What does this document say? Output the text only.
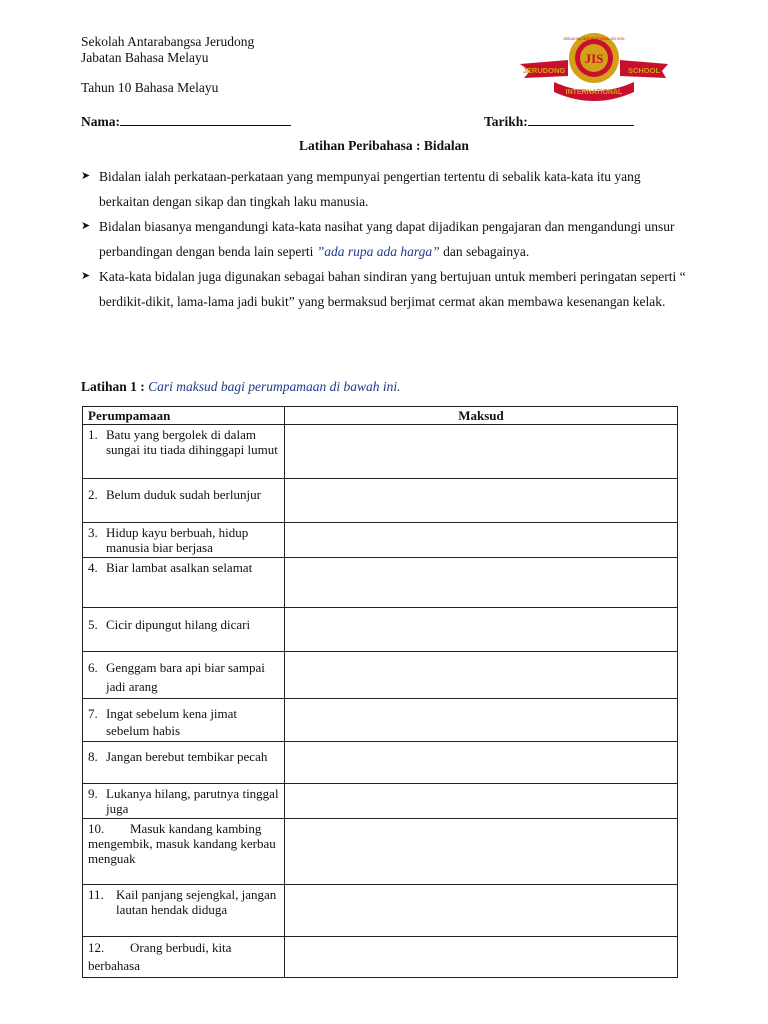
Sekolah Antarabangsa Jerudong
Jabatan Bahasa Melayu
Tahun 10 Bahasa Melayu
JIS
JERUDONG	SCHOOL
INTERNATIONAL
JERUDONG INTERNATIONAL SCHOOL
Nama:	Tarikh:
Latihan Peribahasa : Bidalan
➤ Bidalan ialah perkataan-perkataan yang mempunyai pengertian tertentu di sebalik kata-kata itu yang berkaitan dengan sikap dan tingkah laku manusia.
➤ Bidalan biasanya mengandungi kata-kata nasihat yang dapat dijadikan pengajaran dan mengandungi unsur perbandingan dengan benda lain seperti ”ada rupa ada harga” dan sebagainya.
➤ Kata-kata bidalan juga digunakan sebagai bahan sindiran yang bertujuan untuk memberi peringatan seperti “ berdikit-dikit, lama-lama jadi bukit” yang bermaksud berjimat cermat akan membawa kesenangan kelak.
Latihan 1 : Cari maksud bagi perumpamaan di bawah ini.
Perumpamaan	Maksud

1. Batu yang bergolek di dalam sungai itu tiada dihinggapi lumut	

2. Belum duduk sudah berlunjur	

3. Hidup kayu berbuah, hidup manusia biar berjasa	

4. Biar lambat asalkan selamat	

5. Cicir dipungut hilang dicari	

6. Genggam bara api biar sampai jadi arang	

7. Ingat sebelum kena jimat sebelum habis	

8. Jangan berebut tembikar pecah	

9. Lukanya hilang, parutnya tinggal juga	

10. Masuk kandang kambing mengembik, masuk kandang kerbau menguak	

11. Kail panjang sejengkal, jangan lautan hendak diduga	

12. Orang berbudi, kita berbahasa	
